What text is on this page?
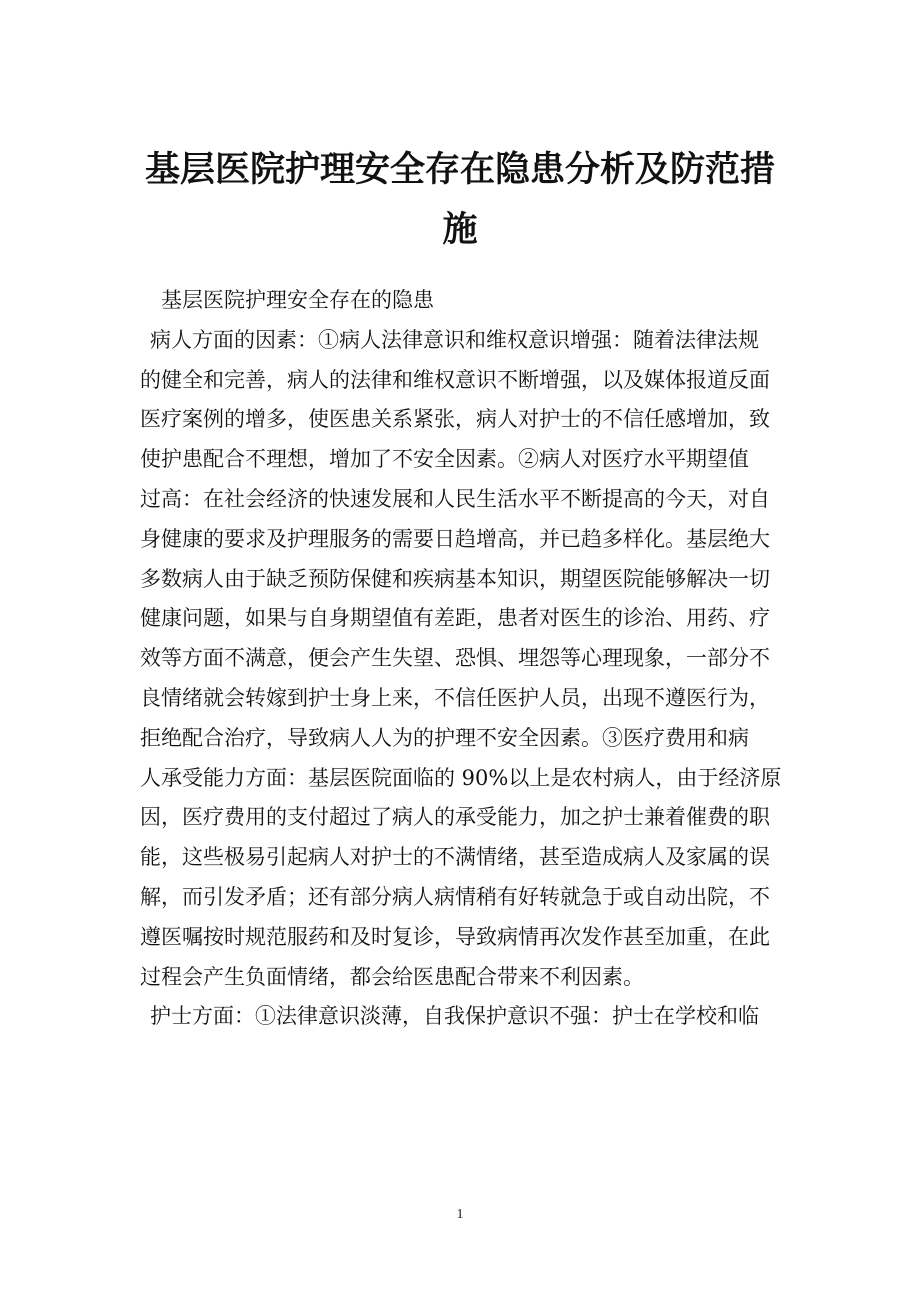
基层医院护理安全存在隐患分析及防范措
施
基层医院护理安全存在的隐患
病人方面的因素：①病人法律意识和维权意识增强：随着法律法规
的健全和完善，病人的法律和维权意识不断增强，以及媒体报道反面
医疗案例的增多，使医患关系紧张，病人对护士的不信任感增加，致
使护患配合不理想，增加了不安全因素。②病人对医疗水平期望值
过高：在社会经济的快速发展和人民生活水平不断提高的今天，对自
身健康的要求及护理服务的需要日趋增高，并已趋多样化。基层绝大
多数病人由于缺乏预防保健和疾病基本知识，期望医院能够解决一切
健康问题，如果与自身期望值有差距，患者对医生的诊治、用药、疗
效等方面不满意，便会产生失望、恐惧、埋怨等心理现象，一部分不
良情绪就会转嫁到护士身上来，不信任医护人员，出现不遵医行为，
拒绝配合治疗，导致病人人为的护理不安全因素。③医疗费用和病
人承受能力方面：基层医院面临的 90%以上是农村病人，由于经济原
因，医疗费用的支付超过了病人的承受能力，加之护士兼着催费的职
能，这些极易引起病人对护士的不满情绪，甚至造成病人及家属的误
解，而引发矛盾；还有部分病人病情稍有好转就急于或自动出院，不
遵医嘱按时规范服药和及时复诊，导致病情再次发作甚至加重，在此
过程会产生负面情绪，都会给医患配合带来不利因素。
护士方面：①法律意识淡薄，自我保护意识不强：护士在学校和临
1
